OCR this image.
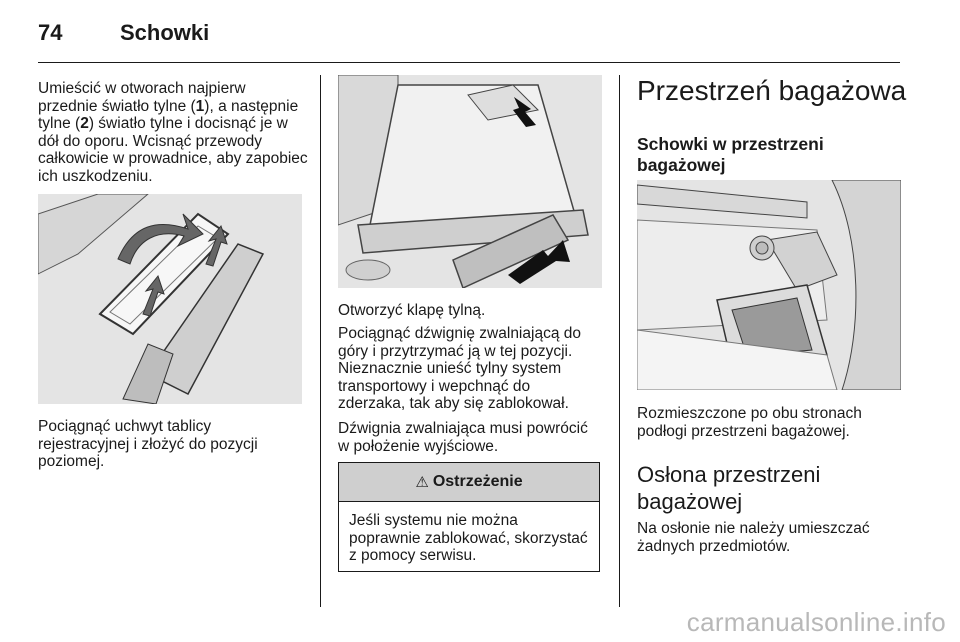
74	Schowki
Umieścić w otworach najpierw przednie światło tylne (1), a następnie tylne (2) światło tylne i docisnąć je w dół do oporu. Wcisnąć przewody całkowicie w prowadnice, aby zapobiec ich uszkodzeniu.
Pociągnąć uchwyt tablicy rejestracyjnej i złożyć do pozycji poziomej.
Otworzyć klapę tylną.
Pociągnąć dźwignię zwalniającą do góry i przytrzymać ją w tej pozycji. Nieznacznie unieść tylny system transportowy i wepchnąć do zderzaka, tak aby się zablokował.
Dźwignia zwalniająca musi powrócić w położenie wyjściowe.
⚠ Ostrzeżenie
Jeśli systemu nie można poprawnie zablokować, skorzystać z pomocy serwisu.
Przestrzeń bagażowa
Schowki w przestrzeni bagażowej
Rozmieszczone po obu stronach podłogi przestrzeni bagażowej.
Osłona przestrzeni bagażowej
Na osłonie nie należy umieszczać żadnych przedmiotów.
carmanualsonline.info
